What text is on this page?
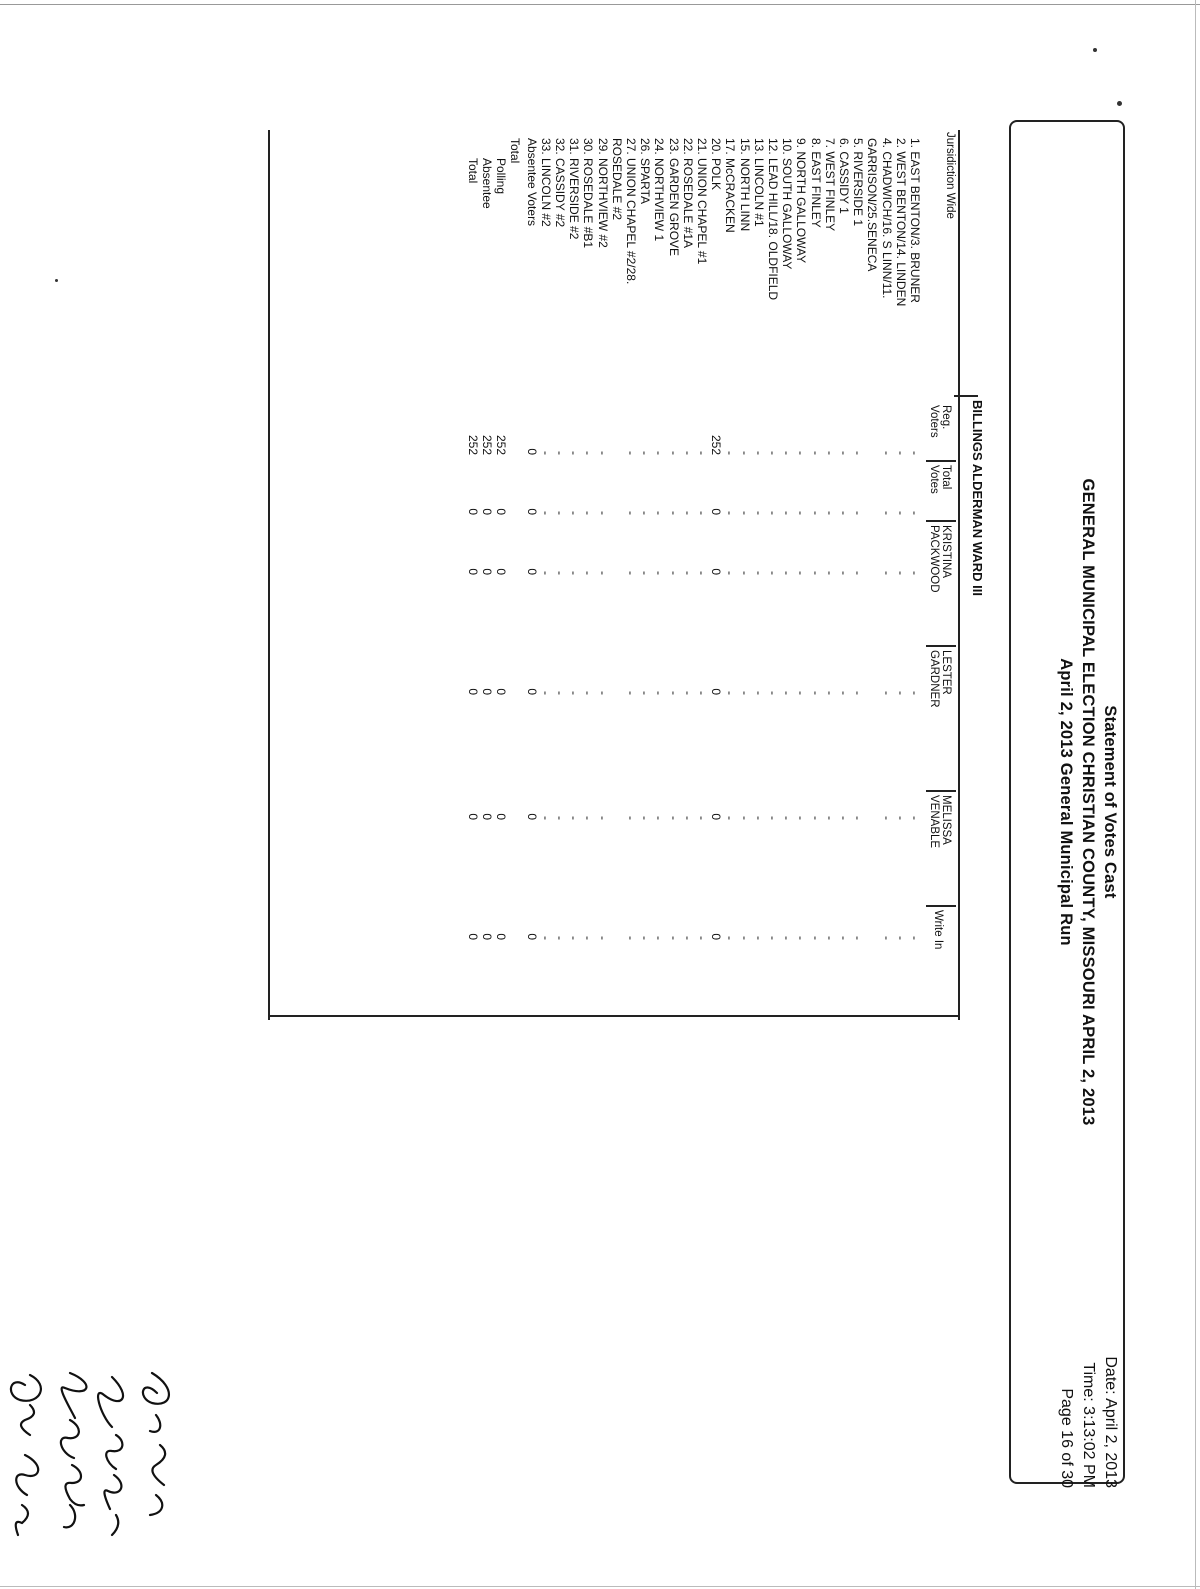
Statement of Votes Cast
GENERAL MUNICIPAL ELECTION CHRISTIAN COUNTY, MISSOURI APRIL 2, 2013
April 2, 2013 General Municipal Run
Date: April 2, 2013
Time: 3:13:02 PM
Page 16 of 30
BILLINGS ALDERMAN WARD III
Jursidiction Wide
Reg.
Voters
Total
Votes
KRISTINA
PACKWOOD
LESTER
GARDNER
MELISSA
VENABLE
Write In
1. EAST BENTON/3. BRUNER
-
-
-
-
-
-
2. WEST BENTON/14. LINDEN
-
-
-
-
-
-
4. CHADWICH/16. S LINN/11.
-
-
-
-
-
-
GARRISON/25.SENECA
5. RIVERSIDE 1
-
-
-
-
-
-
6. CASSIDY 1
-
-
-
-
-
-
7. WEST FINLEY
-
-
-
-
-
-
8. EAST FINLEY
-
-
-
-
-
-
9. NORTH GALLOWAY
-
-
-
-
-
-
10. SOUTH GALLOWAY
-
-
-
-
-
-
12. LEAD HILL/18. OLDFIELD
-
-
-
-
-
-
13. LINCOLN #1
-
-
-
-
-
-
15. NORTH LINN
-
-
-
-
-
-
17. McCRACKEN
-
-
-
-
-
-
20. POLK
252
0
0
0
0
0
21. UNION CHAPEL #1
-
-
-
-
-
-
22. ROSEDALE #1A
-
-
-
-
-
-
23. GARDEN GROVE
-
-
-
-
-
-
24. NORTHVIEW 1
-
-
-
-
-
-
26. SPARTA
-
-
-
-
-
-
27. UNION CHAPEL #2/28.
-
-
-
-
-
-
ROSEDALE #2
29. NORTHVIEW #2
-
-
-
-
-
-
30. ROSEDALE #B1
-
-
-
-
-
-
31. RIVERSIDE #2
-
-
-
-
-
-
32. CASSIDY #2
-
-
-
-
-
-
33. LINCOLN #2
-
-
-
-
-
-
Absentee Voters
0
0
0
0
0
0
Total
Polling
252
0
0
0
0
0
Absentee
252
0
0
0
0
0
Total
252
0
0
0
0
0
